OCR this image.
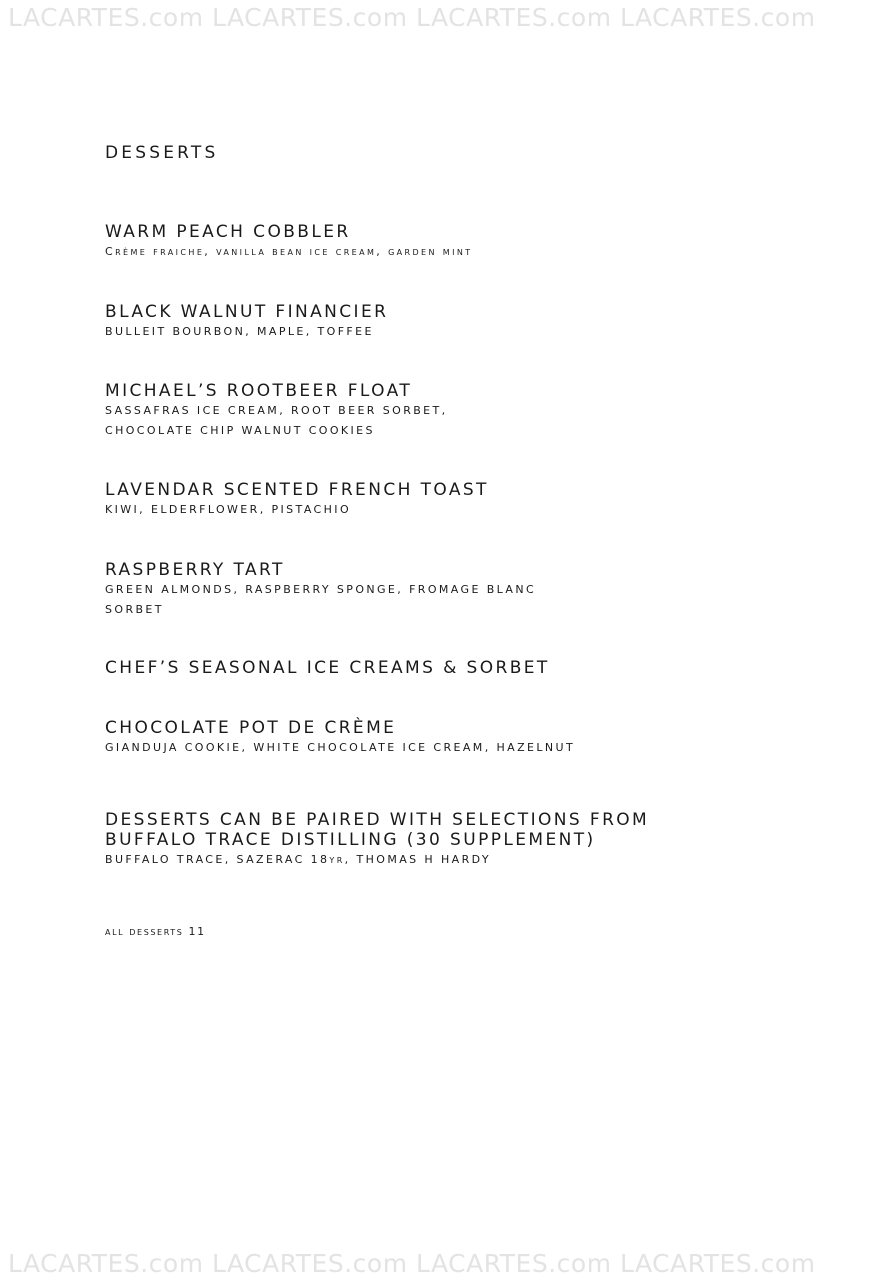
LACARTES.com LACARTES.com LACARTES.com LACARTES.com
LACARTES.com LACARTES.com LACARTES.com LACARTES.com
DESSERTS
WARM PEACH COBBLER
Crème fraiche, vanilla bean ice cream, garden mint
BLACK WALNUT FINANCIER
BULLEIT BOURBON, MAPLE, TOFFEE
MICHAEL’S ROOTBEER FLOAT
SASSAFRAS ICE CREAM, ROOT BEER SORBET,
CHOCOLATE CHIP WALNUT COOKIES
LAVENDAR SCENTED FRENCH TOAST
KIWI, ELDERFLOWER, PISTACHIO
RASPBERRY TART
GREEN ALMONDS, RASPBERRY SPONGE, FROMAGE BLANC
SORBET
CHEF’S SEASONAL ICE CREAMS & SORBET
CHOCOLATE POT DE CRÈME
GIANDUJA COOKIE, WHITE CHOCOLATE ICE CREAM, HAZELNUT
DESSERTS CAN BE PAIRED WITH SELECTIONS FROM
BUFFALO TRACE DISTILLING (30 SUPPLEMENT)
BUFFALO TRACE, SAZERAC 18yr, THOMAS H HARDY
all desserts 11
